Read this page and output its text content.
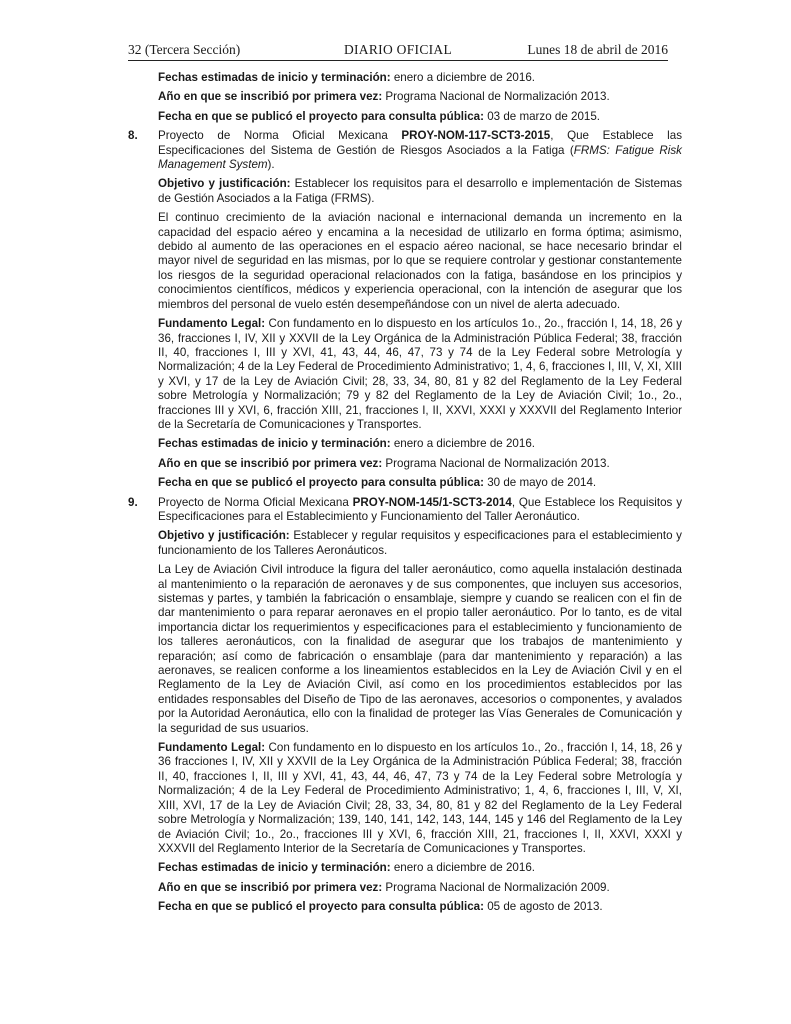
32 (Tercera Sección)	DIARIO OFICIAL	Lunes 18 de abril de 2016

Fechas estimadas de inicio y terminación: enero a diciembre de 2016.

Año en que se inscribió por primera vez: Programa Nacional de Normalización 2013.

Fecha en que se publicó el proyecto para consulta pública: 03 de marzo de 2015.

8. Proyecto de Norma Oficial Mexicana PROY-NOM-117-SCT3-2015, Que Establece las Especificaciones del Sistema de Gestión de Riesgos Asociados a la Fatiga (FRMS: Fatigue Risk Management System).

Objetivo y justificación: Establecer los requisitos para el desarrollo e implementación de Sistemas de Gestión Asociados a la Fatiga (FRMS).

El continuo crecimiento de la aviación nacional e internacional demanda un incremento en la capacidad del espacio aéreo y encamina a la necesidad de utilizarlo en forma óptima; asimismo, debido al aumento de las operaciones en el espacio aéreo nacional, se hace necesario brindar el mayor nivel de seguridad en las mismas, por lo que se requiere controlar y gestionar constantemente los riesgos de la seguridad operacional relacionados con la fatiga, basándose en los principios y conocimientos científicos, médicos y experiencia operacional, con la intención de asegurar que los miembros del personal de vuelo estén desempeñándose con un nivel de alerta adecuado.

Fundamento Legal: Con fundamento en lo dispuesto en los artículos 1o., 2o., fracción I, 14, 18, 26 y 36, fracciones I, IV, XII y XXVII de la Ley Orgánica de la Administración Pública Federal; 38, fracción II, 40, fracciones I, III y XVI, 41, 43, 44, 46, 47, 73 y 74 de la Ley Federal sobre Metrología y Normalización; 4 de la Ley Federal de Procedimiento Administrativo; 1, 4, 6, fracciones I, III, V, XI, XIII y XVI, y 17 de la Ley de Aviación Civil; 28, 33, 34, 80, 81 y 82 del Reglamento de la Ley Federal sobre Metrología y Normalización; 79 y 82 del Reglamento de la Ley de Aviación Civil; 1o., 2o., fracciones III y XVI, 6, fracción XIII, 21, fracciones I, II, XXVI, XXXI y XXXVII del Reglamento Interior de la Secretaría de Comunicaciones y Transportes.

Fechas estimadas de inicio y terminación: enero a diciembre de 2016.

Año en que se inscribió por primera vez: Programa Nacional de Normalización 2013.

Fecha en que se publicó el proyecto para consulta pública: 30 de mayo de 2014.

9. Proyecto de Norma Oficial Mexicana PROY-NOM-145/1-SCT3-2014, Que Establece los Requisitos y Especificaciones para el Establecimiento y Funcionamiento del Taller Aeronáutico.

Objetivo y justificación: Establecer y regular requisitos y especificaciones para el establecimiento y funcionamiento de los Talleres Aeronáuticos.

La Ley de Aviación Civil introduce la figura del taller aeronáutico, como aquella instalación destinada al mantenimiento o la reparación de aeronaves y de sus componentes, que incluyen sus accesorios, sistemas y partes, y también la fabricación o ensamblaje, siempre y cuando se realicen con el fin de dar mantenimiento o para reparar aeronaves en el propio taller aeronáutico. Por lo tanto, es de vital importancia dictar los requerimientos y especificaciones para el establecimiento y funcionamiento de los talleres aeronáuticos, con la finalidad de asegurar que los trabajos de mantenimiento y reparación; así como de fabricación o ensamblaje (para dar mantenimiento y reparación) a las aeronaves, se realicen conforme a los lineamientos establecidos en la Ley de Aviación Civil y en el Reglamento de la Ley de Aviación Civil, así como en los procedimientos establecidos por las entidades responsables del Diseño de Tipo de las aeronaves, accesorios o componentes, y avalados por la Autoridad Aeronáutica, ello con la finalidad de proteger las Vías Generales de Comunicación y la seguridad de sus usuarios.

Fundamento Legal: Con fundamento en lo dispuesto en los artículos 1o., 2o., fracción I, 14, 18, 26 y 36 fracciones I, IV, XII y XXVII de la Ley Orgánica de la Administración Pública Federal; 38, fracción II, 40, fracciones I, II, III y XVI, 41, 43, 44, 46, 47, 73 y 74 de la Ley Federal sobre Metrología y Normalización; 4 de la Ley Federal de Procedimiento Administrativo; 1, 4, 6, fracciones I, III, V, XI, XIII, XVI, 17 de la Ley de Aviación Civil; 28, 33, 34, 80, 81 y 82 del Reglamento de la Ley Federal sobre Metrología y Normalización; 139, 140, 141, 142, 143, 144, 145 y 146 del Reglamento de la Ley de Aviación Civil; 1o., 2o., fracciones III y XVI, 6, fracción XIII, 21, fracciones I, II, XXVI, XXXI y XXXVII del Reglamento Interior de la Secretaría de Comunicaciones y Transportes.

Fechas estimadas de inicio y terminación: enero a diciembre de 2016.

Año en que se inscribió por primera vez: Programa Nacional de Normalización 2009.

Fecha en que se publicó el proyecto para consulta pública: 05 de agosto de 2013.
